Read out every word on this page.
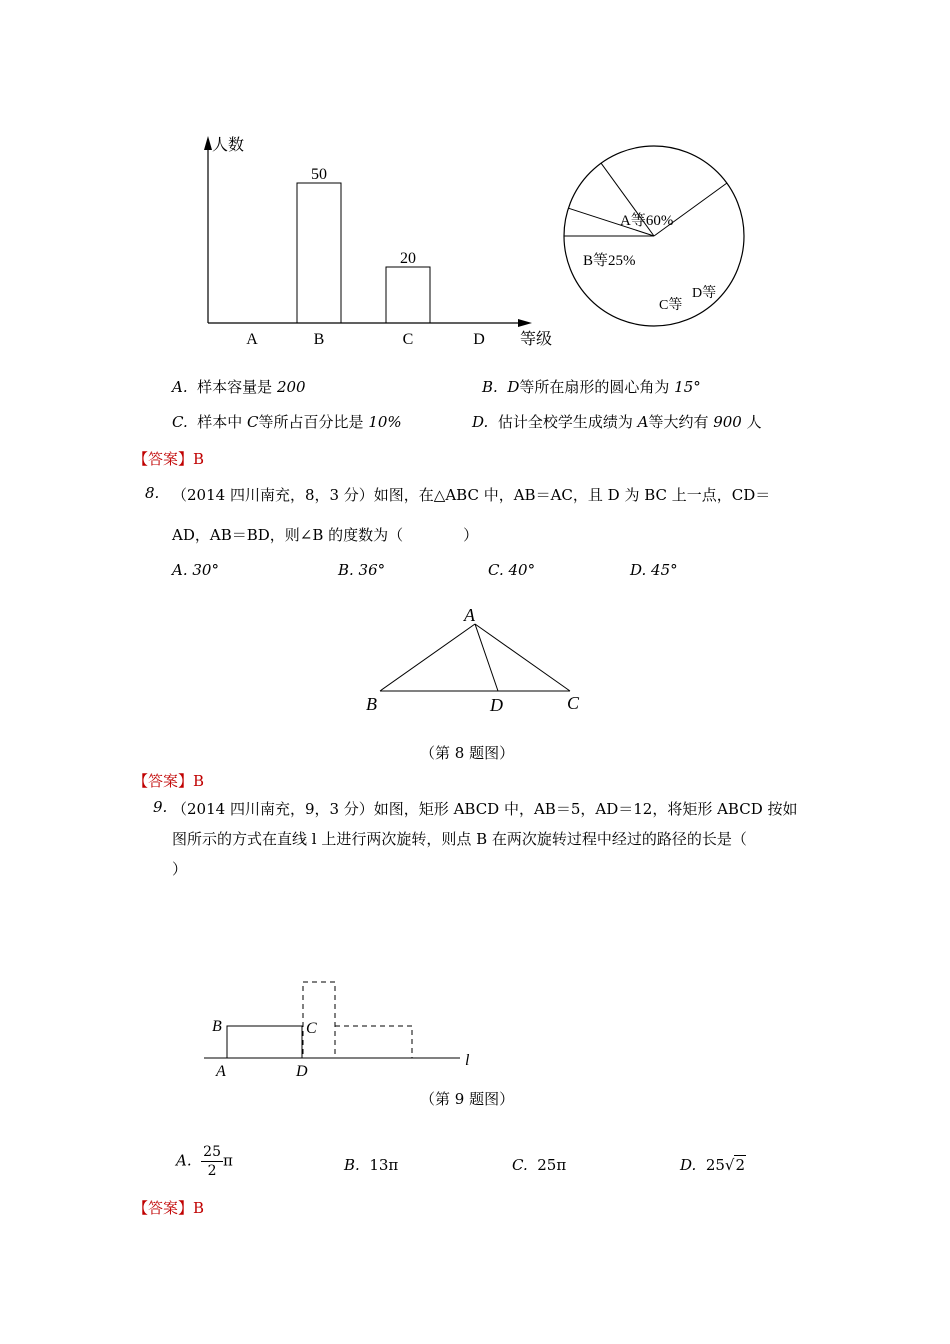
A
50
B
20
C	D
人数
等级
A等60%
B等25%
C等
D等
A. 样本容量是 200	B. D等所在扇形的圆心角为 15°
C. 样本中 C等所占百分比是 10%	D. 估计全校学生成绩为 A等大约有 900 人
【答案】B
8. （2014 四川南充，8，3 分）如图，在△ABC 中，AB＝AC，且 D 为 BC 上一点，CD＝
AD，AB＝BD，则∠B 的度数为（　　　　）
A. 30°	B. 36°	C. 40°	D. 45°
A
B	D	C
（第 8 题图）
【答案】B
9. （2014 四川南充，9，3 分）如图，矩形 ABCD 中，AB＝5，AD＝12，将矩形 ABCD 按如
图所示的方式在直线 l 上进行两次旋转，则点 B 在两次旋转过程中经过的路径的长是（
）
B	C
A	D
l
（第 9 题图）
A. $\frac{25}{2}$ π	B. 13π	C. 25π	D. 25√2
【答案】B
